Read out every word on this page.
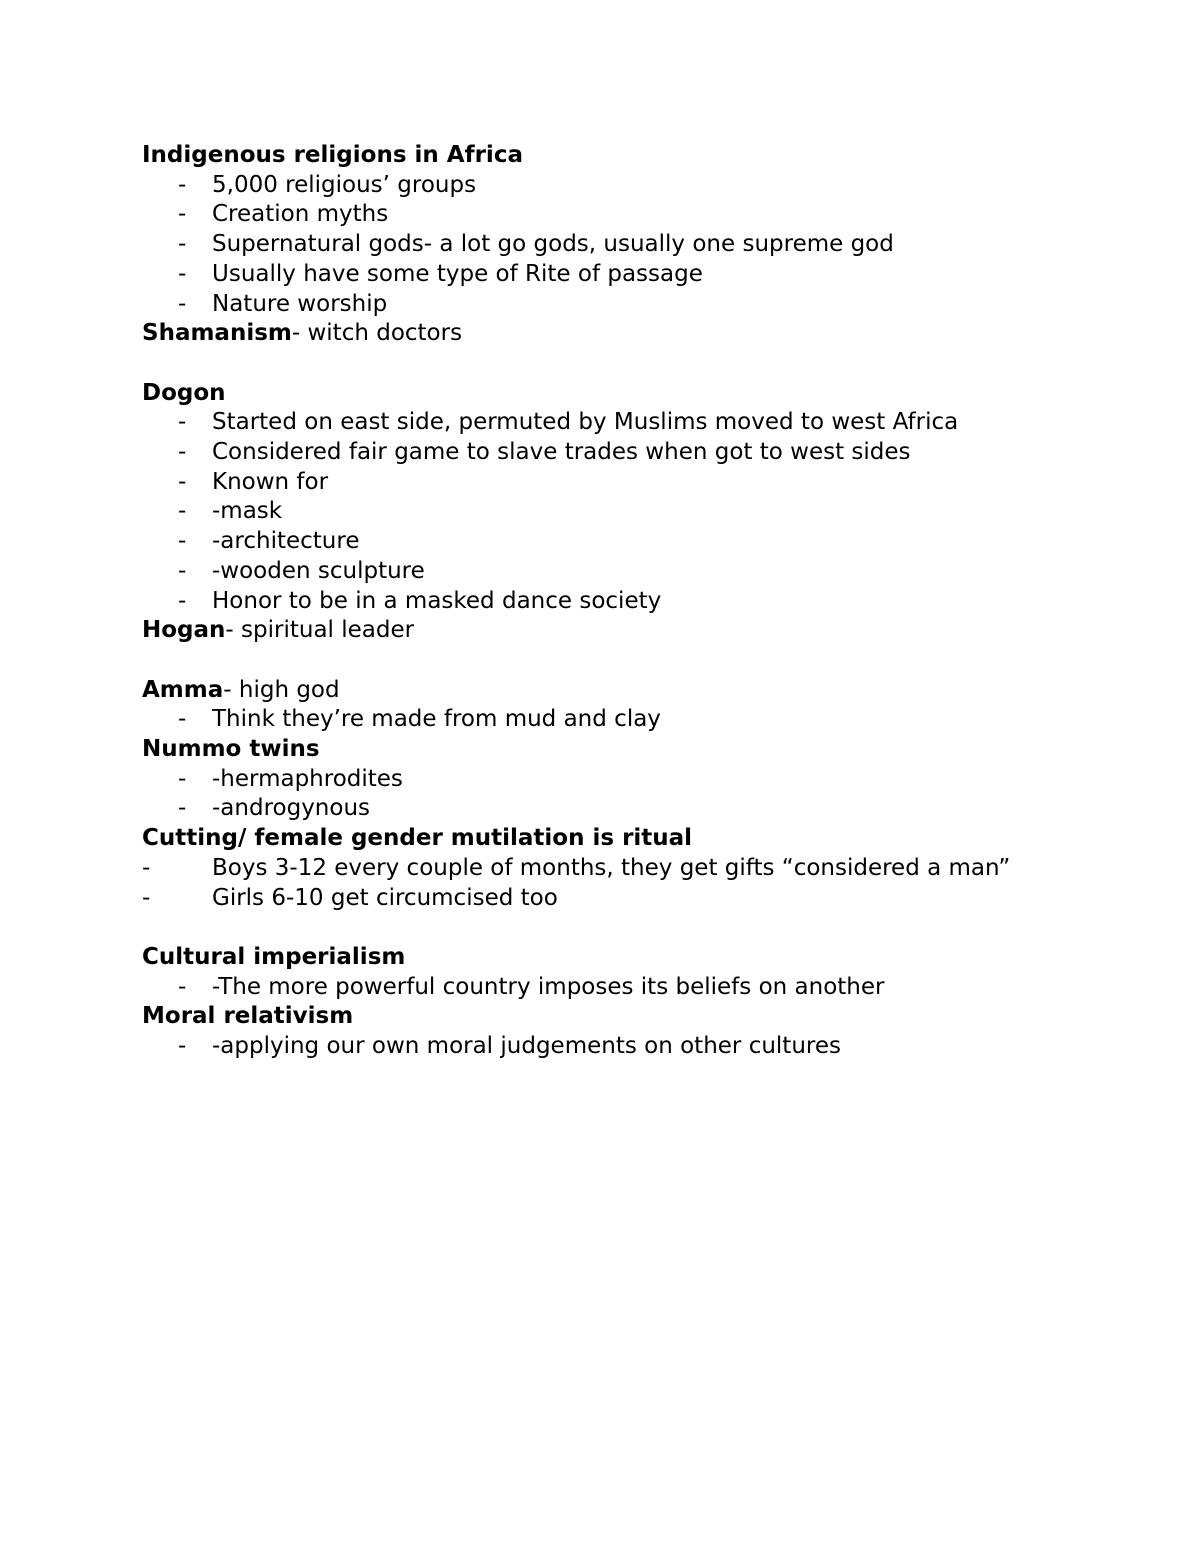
Indigenous religions in Africa
- 5,000 religious’ groups
- Creation myths
- Supernatural gods- a lot go gods, usually one supreme god
- Usually have some type of Rite of passage
- Nature worship
Shamanism- witch doctors
Dogon
- Started on east side, permuted by Muslims moved to west Africa
- Considered fair game to slave trades when got to west sides
- Known for
- -mask
- -architecture
- -wooden sculpture
- Honor to be in a masked dance society
Hogan- spiritual leader
Amma- high god
- Think they’re made from mud and clay
Nummo twins
- -hermaphrodites
- -androgynous
Cutting/ female gender mutilation is ritual
-	Boys 3-12 every couple of months, they get gifts “considered a man”
-	Girls 6-10 get circumcised too
Cultural imperialism
- -The more powerful country imposes its beliefs on another
Moral relativism
- -applying our own moral judgements on other cultures
